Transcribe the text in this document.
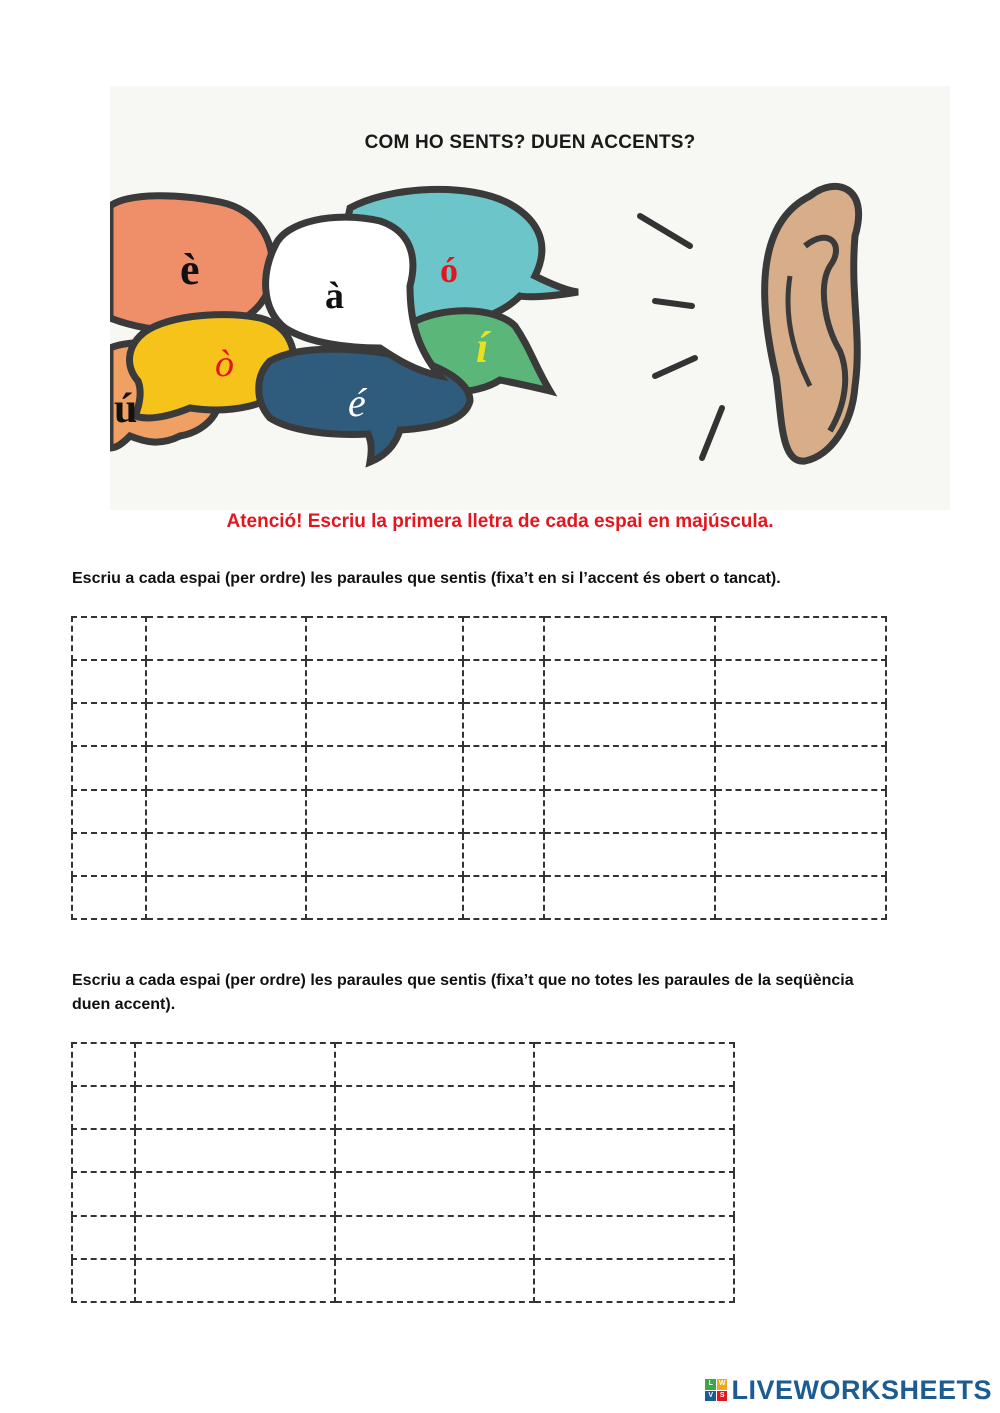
è
à
ó
ò	í
ú	é
COM HO SENTS? DUEN ACCENTS?
Atenció! Escriu la primera lletra de cada espai en majúscula.
Escriu a cada espai (per ordre) les paraules que sentis (fixa’t en si l’accent és obert o tancat).

Escriu a cada espai (per ordre) les paraules que sentis (fixa’t que no totes les paraules de la seqüència duen accent).

L W
V S LIVEWORKSHEETS
